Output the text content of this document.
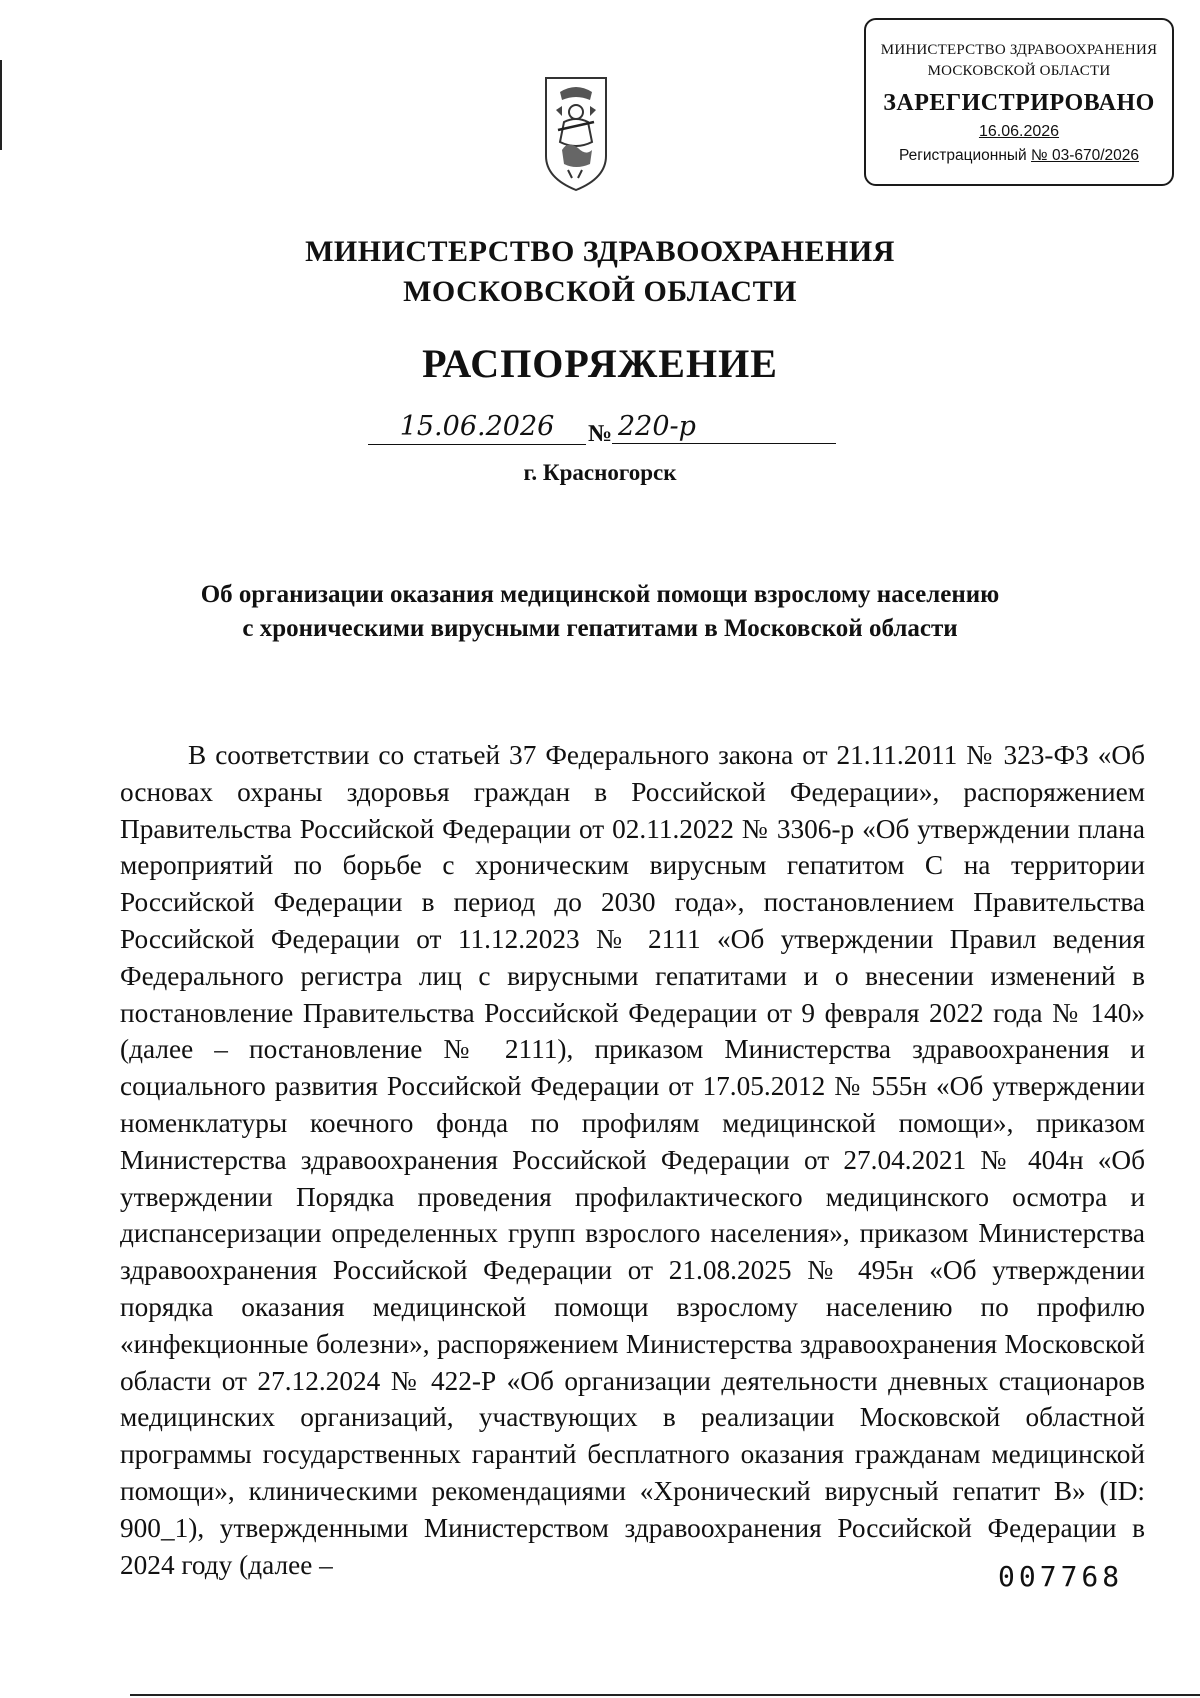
МИНИСТЕРСТВО ЗДРАВООХРАНЕНИЯ
МОСКОВСКОЙ ОБЛАСТИ
ЗАРЕГИСТРИРОВАНО
16.06.2026
Регистрационный № 03-670/2026
МИНИСТЕРСТВО ЗДРАВООХРАНЕНИЯ
МОСКОВСКОЙ ОБЛАСТИ
РАСПОРЯЖЕНИЕ
15.06.2026	№ 220-р
г. Красногорск
Об организации оказания медицинской помощи взрослому населению
с хроническими вирусными гепатитами в Московской области

В соответствии со статьей 37 Федерального закона от 21.11.2011 № 323-ФЗ «Об основах охраны здоровья граждан в Российской Федерации», распоряжением Правительства Российской Федерации от 02.11.2022 № 3306-р «Об утверждении плана мероприятий по борьбе с хроническим вирусным гепатитом С на территории Российской Федерации в период до 2030 года», постановлением Правительства Российской Федерации от 11.12.2023 № 2111 «Об утверждении Правил ведения Федерального регистра лиц с вирусными гепатитами и о внесении изменений в постановление Правительства Российской Федерации от 9 февраля 2022 года № 140» (далее – постановление № 2111), приказом Министерства здравоохранения и социального развития Российской Федерации от 17.05.2012 № 555н «Об утверждении номенклатуры коечного фонда по профилям медицинской помощи», приказом Министерства здравоохранения Российской Федерации от 27.04.2021 № 404н «Об утверждении Порядка проведения профилактического медицинского осмотра и диспансеризации определенных групп взрослого населения», приказом Министерства здравоохранения Российской Федерации от 21.08.2025 № 495н «Об утверждении порядка оказания медицинской помощи взрослому населению по профилю «инфекционные болезни», распоряжением Министерства здравоохранения Московской области от 27.12.2024 № 422-Р «Об организации деятельности дневных стационаров медицинских организаций, участвующих в реализации Московской областной программы государственных гарантий бесплатного оказания гражданам медицинской помощи», клиническими рекомендациями «Хронический вирусный гепатит В» (ID: 900_1), утвержденными Министерством здравоохранения Российской Федерации в 2024 году (далее –	007768
